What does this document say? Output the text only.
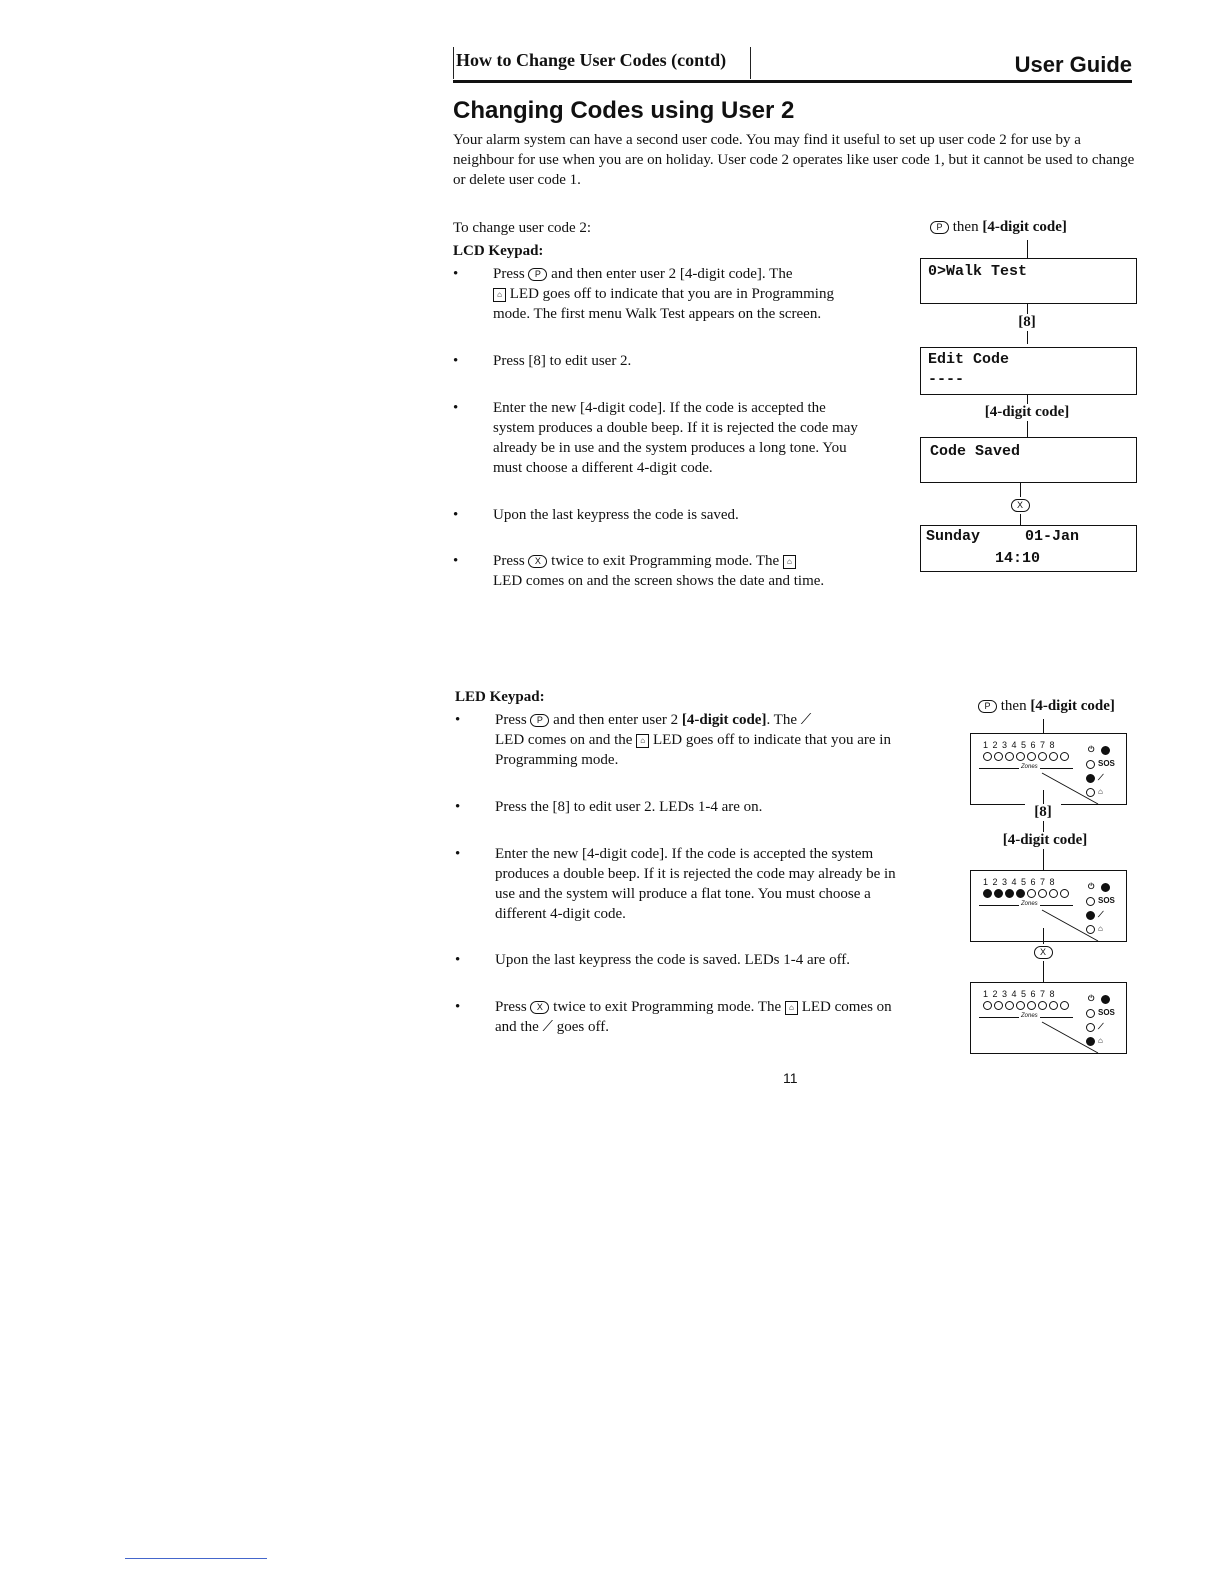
How to Change User Codes (contd)	User Guide
Changing Codes using User 2
Your alarm system can have a second user code. You may find it useful to set up user code 2 for use by a neighbour for use when you are on holiday. User code 2 operates like user code 1, but it cannot be used to change or delete user code 1.
To change user code 2:
LCD Keypad:
•	Press P and then enter user 2 [4-digit code]. The
⌂ LED goes off to indicate that you are in Programming mode. The first menu Walk Test appears on the screen.
•	Press [8] to edit user 2.
•	Enter the new [4-digit code]. If the code is accepted the system produces a double beep. If it is rejected the code may already be in use and the system produces a long tone. You must choose a different 4-digit code.
•	Upon the last keypress the code is saved.
•	Press X twice to exit Programming mode. The ⌂
LED comes on and the screen shows the date and time.
P then [4-digit code]
0>Walk Test
[8]
Edit Code
----
[4-digit code]
Code Saved
X
Sunday	01-Jan
14:10
LED Keypad:
•	Press P and then enter user 2 [4-digit code]. The ⟋
LED comes on and the ⌂ LED goes off to indicate that you are in Programming mode.
•	Press the [8] to edit user 2. LEDs 1-4 are on.
•	Enter the new [4-digit code]. If the code is accepted the system produces a double beep. If it is rejected the code may already be in use and the system will produce a flat tone. You must choose a different 4-digit code.
•	Upon the last keypress the code is saved. LEDs 1-4 are off.
•	Press X twice to exit Programming mode. The ⌂ LED comes on and the ⟋ goes off.
P then [4-digit code]
12345678
Zones
⏻
SOS
⟋
⌂
[8]
[4-digit code]
12345678
Zones
⏻
SOS
⟋
⌂
X
12345678
Zones
⏻
SOS
⟋
⌂
11
